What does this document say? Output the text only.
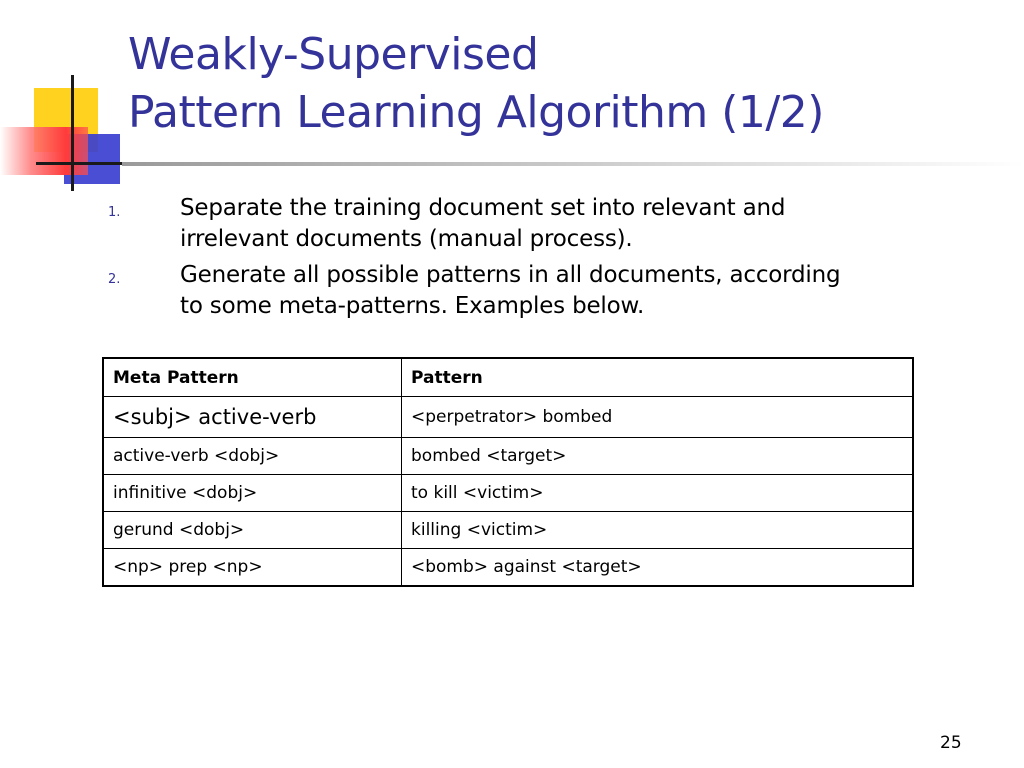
Weakly-Supervised
Pattern Learning Algorithm (1/2)
1.	Separate the training document set into relevant and irrelevant documents (manual process).
2.	Generate all possible patterns in all documents, according to some meta-patterns. Examples below.
Meta Pattern	Pattern
<subj> active-verb	<perpetrator> bombed
active-verb <dobj>	bombed <target>
infinitive <dobj>	to kill <victim>
gerund <dobj>	killing <victim>
<np> prep <np>	<bomb> against <target>
25
